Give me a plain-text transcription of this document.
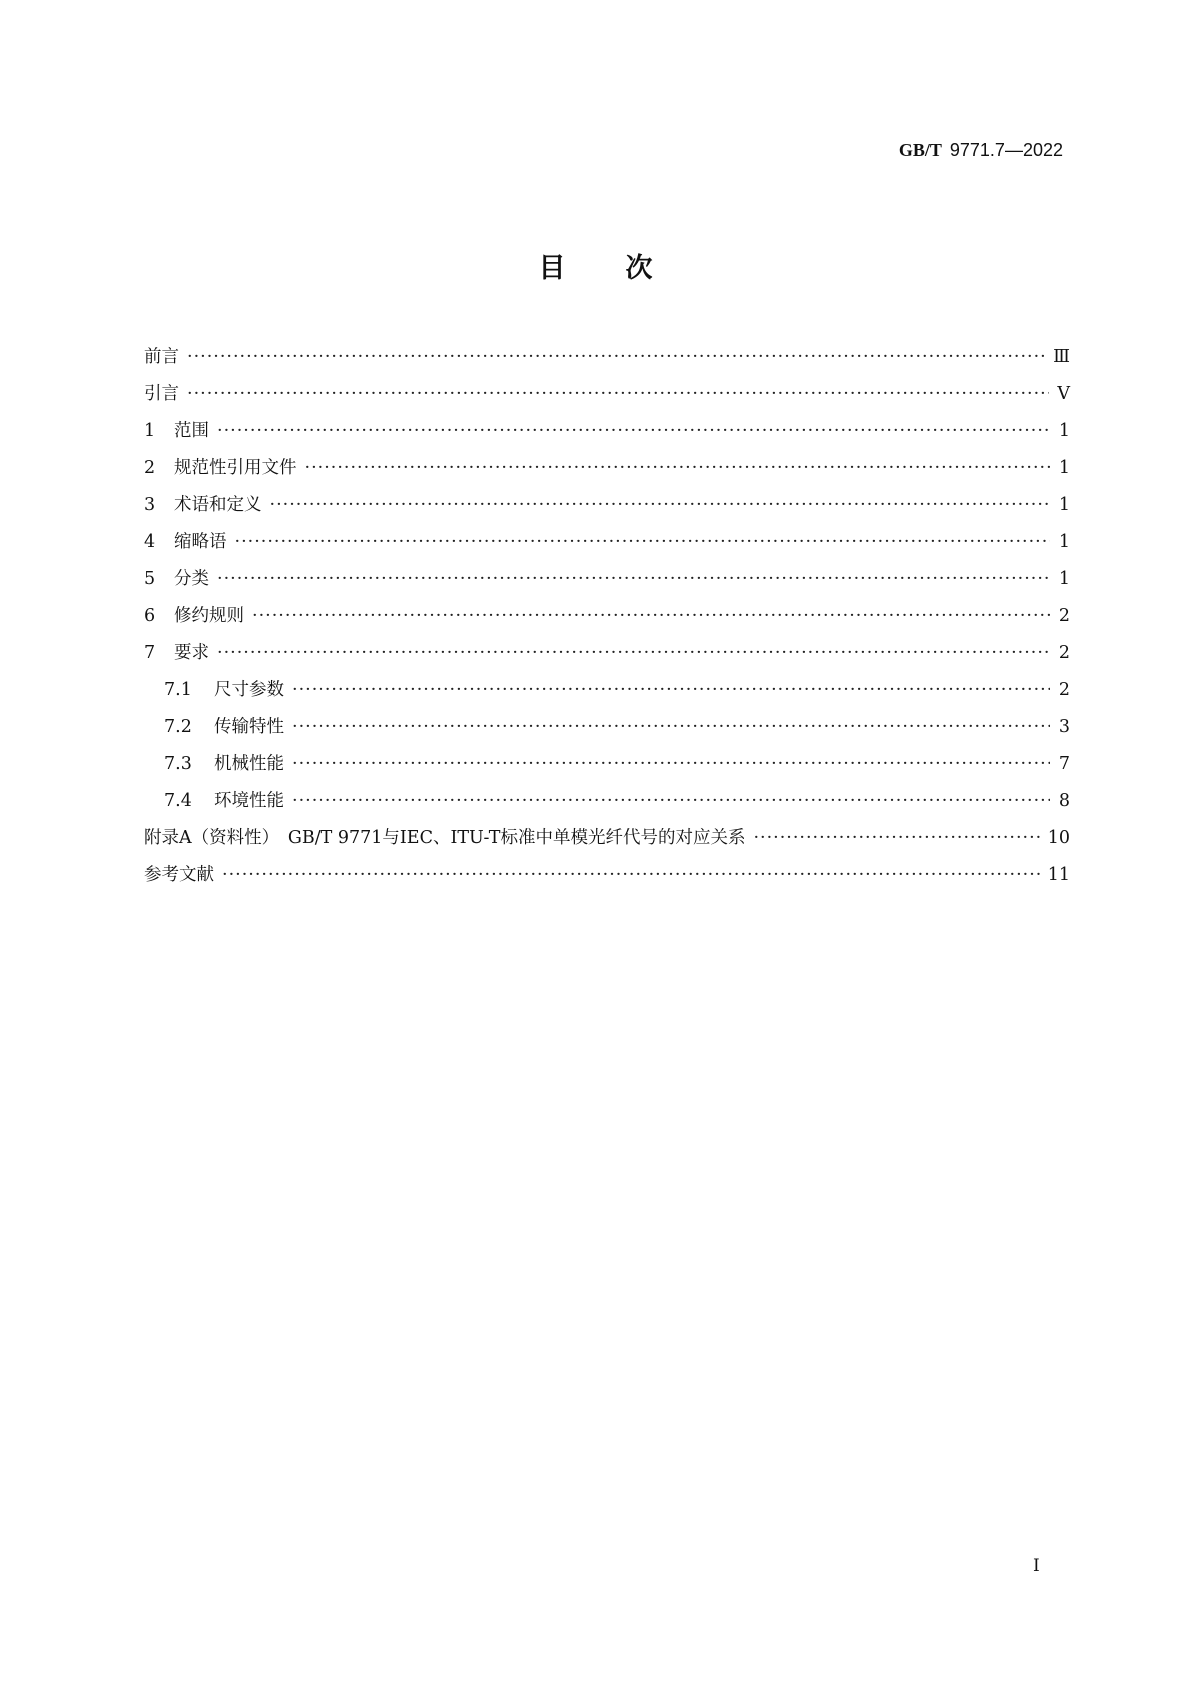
GB/T 9771.7—2022
目 次
前言 ·····	Ⅲ
引言 ·····	Ⅴ
1	范围 ·····	1
2	规范性引用文件 ·····	1
3	术语和定义 ·····	1
4	缩略语 ·····	1
5	分类 ·····	1
6	修约规则 ·····	2
7	要求 ·····	2
7.1	尺寸参数 ·····	2
7.2	传输特性 ·····	3
7.3	机械性能 ·····	7
7.4	环境性能 ·····	8
附录A（资料性）　GB/T 9771与IEC、ITU-T标准中单模光纤代号的对应关系 ·····	10
参考文献 ·····	11
Ⅰ
